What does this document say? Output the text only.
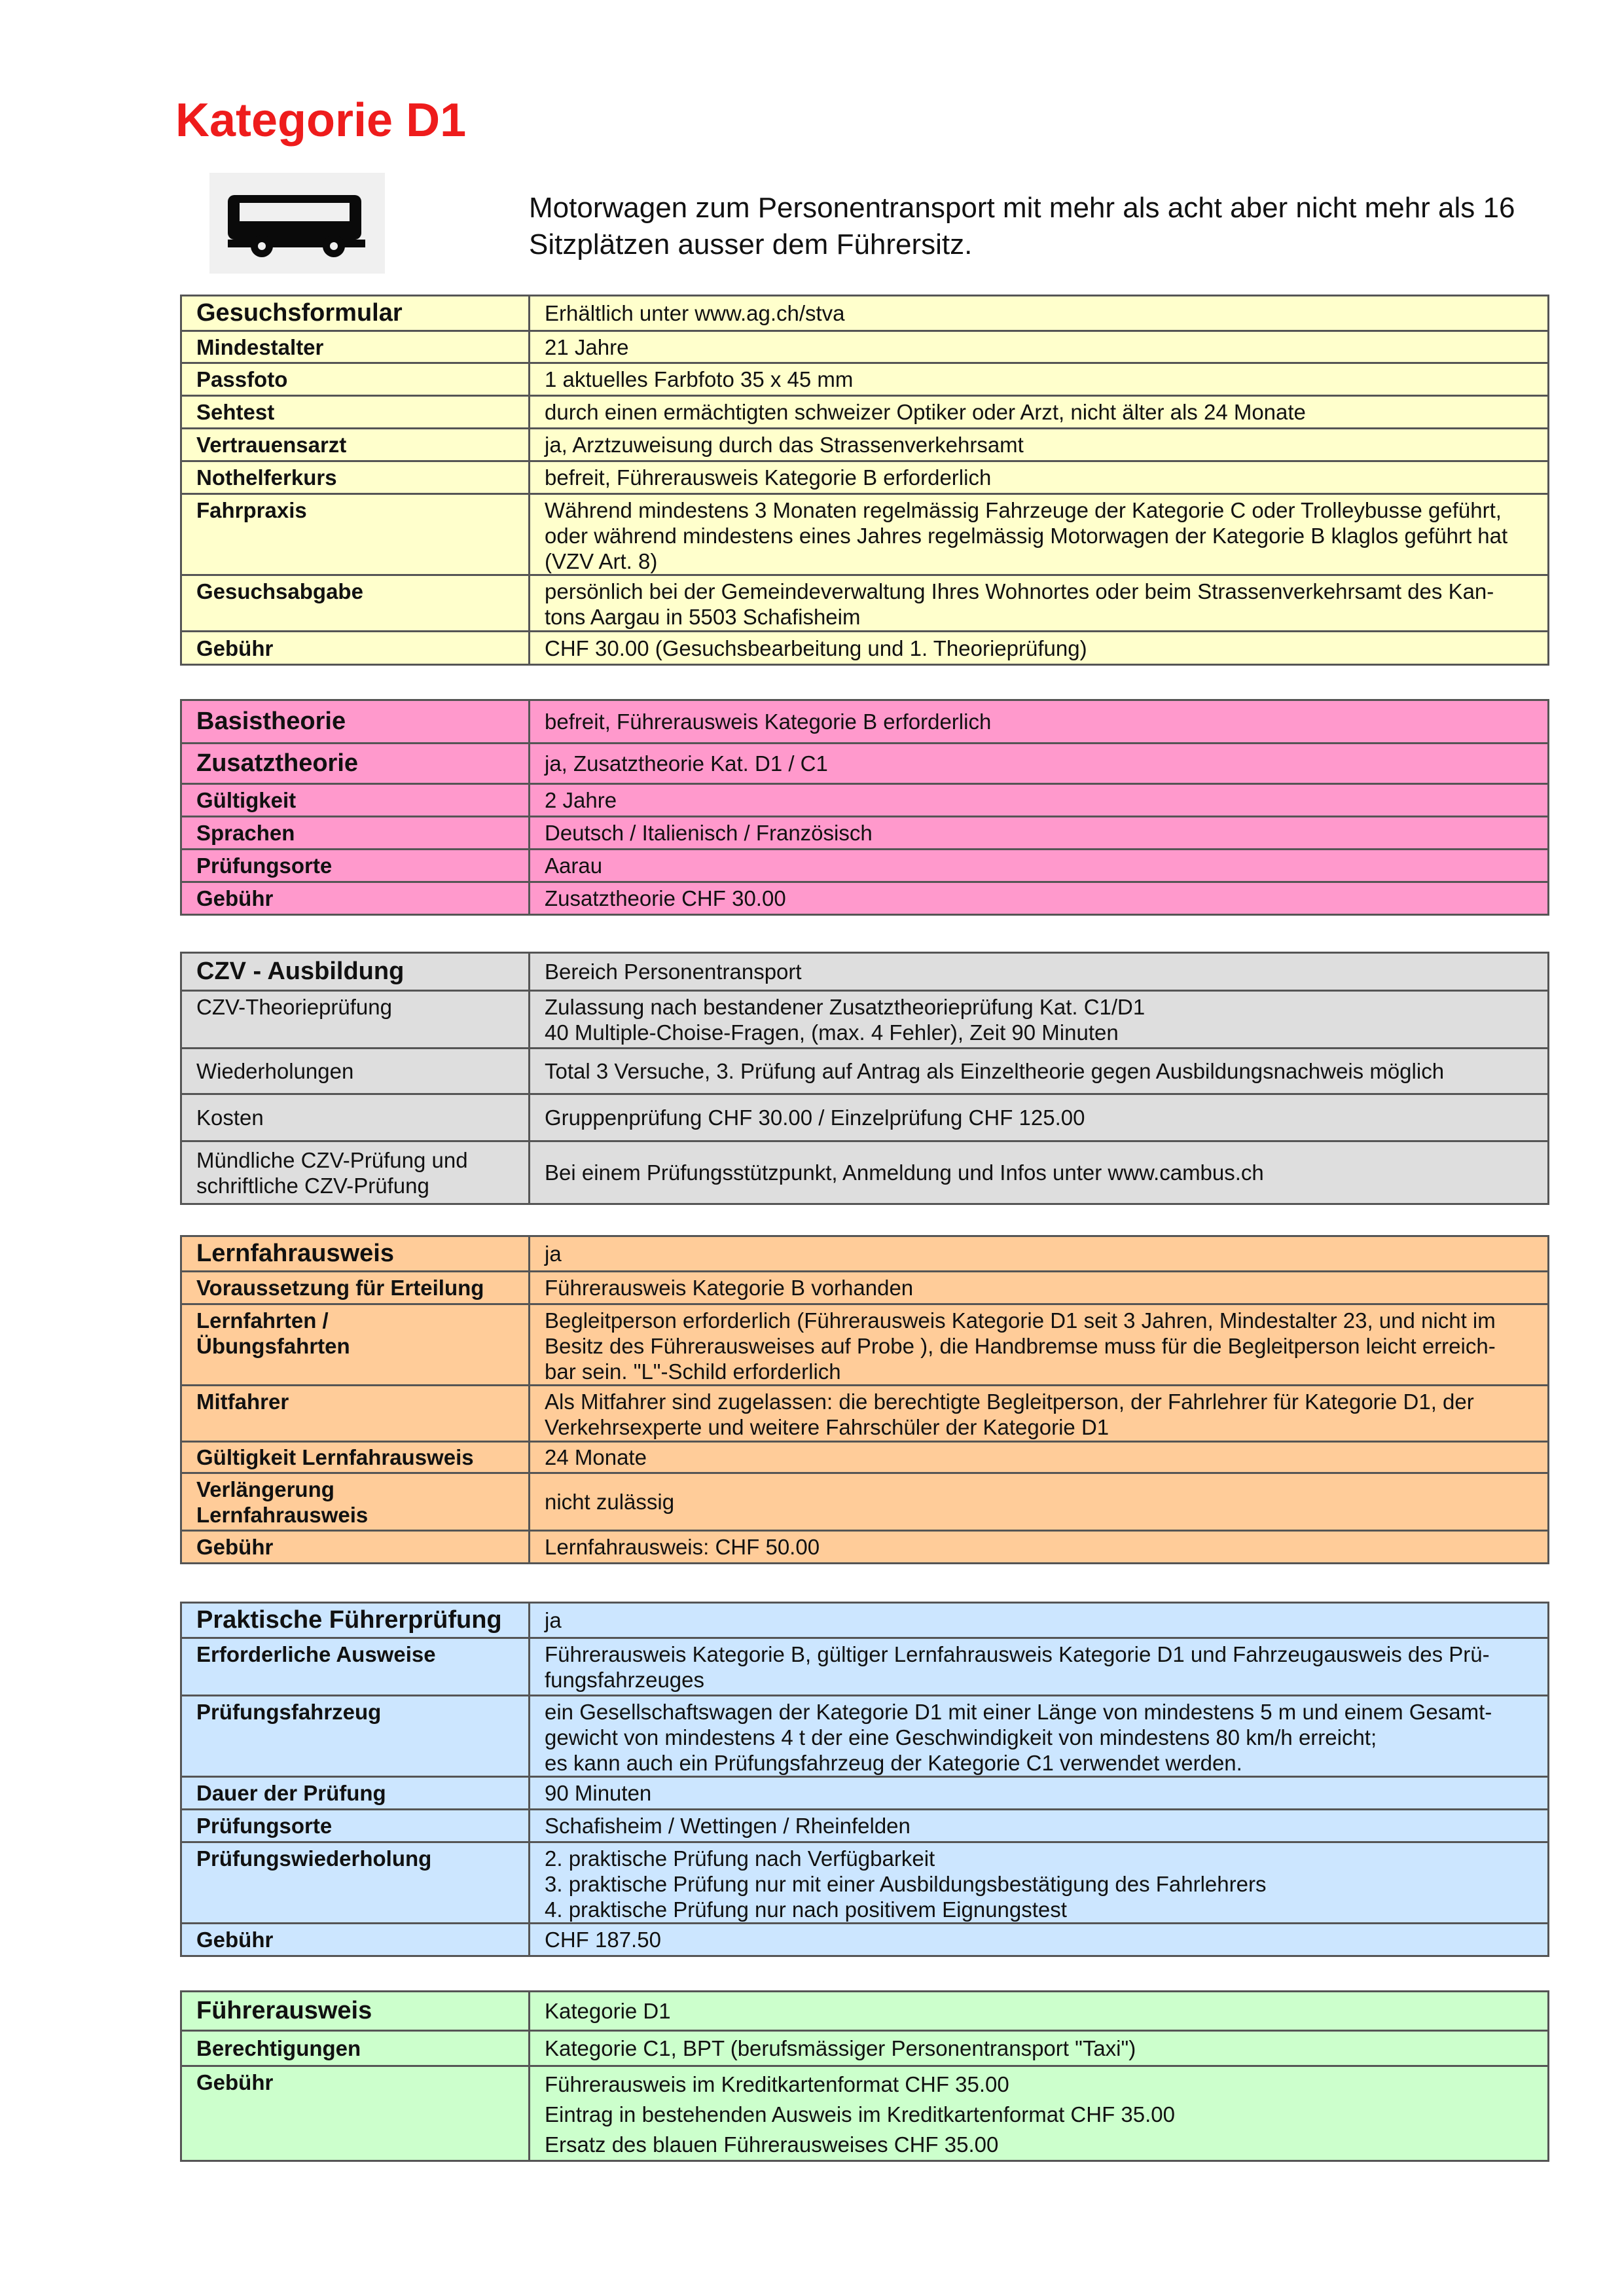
Kategorie D1
Motorwagen zum Personentransport mit mehr als acht aber nicht mehr als 16 Sitzplätzen ausser dem Führersitz.
Gesuchsformular	Erhältlich unter www.ag.ch/stva
Mindestalter	21 Jahre
Passfoto	1 aktuelles Farbfoto 35 x 45 mm
Sehtest	durch einen ermächtigten schweizer Optiker oder Arzt, nicht älter als 24 Monate
Vertrauensarzt	ja, Arztzuweisung durch das Strassenverkehrsamt
Nothelferkurs	befreit, Führerausweis Kategorie B erforderlich
Fahrpraxis	Während mindestens 3 Monaten regelmässig Fahrzeuge der Kategorie C oder Trolleybusse geführt,
oder während mindestens eines Jahres regelmässig Motorwagen der Kategorie B klaglos geführt hat
(VZV Art. 8)

Gesuchsabgabe	persönlich bei der Gemeindeverwaltung Ihres Wohnortes oder beim Strassenverkehrsamt des Kan-
tons Aargau in 5503 Schafisheim

Gebühr	CHF 30.00 (Gesuchsbearbeitung und 1. Theorieprüfung)
Basistheorie	befreit, Führerausweis Kategorie B erforderlich
Zusatztheorie	ja, Zusatztheorie Kat. D1 / C1
Gültigkeit	2 Jahre
Sprachen	Deutsch / Italienisch / Französisch
Prüfungsorte	Aarau
Gebühr	Zusatztheorie CHF 30.00
CZV - Ausbildung	Bereich Personentransport
CZV-Theorieprüfung	Zulassung nach bestandener Zusatztheorieprüfung Kat. C1/D1
40 Multiple-Choise-Fragen, (max. 4 Fehler), Zeit 90 Minuten

Wiederholungen	Total 3 Versuche, 3. Prüfung auf Antrag als Einzeltheorie gegen Ausbildungsnachweis möglich
Kosten	Gruppenprüfung CHF 30.00 / Einzelprüfung CHF 125.00

Mündliche CZV-Prüfung und
schriftliche CZV-Prüfung	Bei einem Prüfungsstützpunkt, Anmeldung und Infos unter www.cambus.ch
Lernfahrausweis	ja
Voraussetzung für Erteilung	Führerausweis Kategorie B vorhanden

Lernfahrten /
Übungsfahrten	Begleitperson erforderlich (Führerausweis Kategorie D1 seit 3 Jahren, Mindestalter 23, und nicht im
Besitz des Führerausweises auf Probe ), die Handbremse muss für die Begleitperson leicht erreich-
bar sein. "L"-Schild erforderlich

Mitfahrer	Als Mitfahrer sind zugelassen: die berechtigte Begleitperson, der Fahrlehrer für Kategorie D1, der
Verkehrsexperte und weitere Fahrschüler der Kategorie D1

Gültigkeit Lernfahrausweis	24 Monate

Verlängerung
Lernfahrausweis	nicht zulässig
Gebühr	Lernfahrausweis: CHF 50.00
Praktische Führerprüfung	ja
Erforderliche Ausweise	Führerausweis Kategorie B, gültiger Lernfahrausweis Kategorie D1 und Fahrzeugausweis des Prü-
fungsfahrzeuges

Prüfungsfahrzeug	ein Gesellschaftswagen der Kategorie D1 mit einer Länge von mindestens 5 m und einem Gesamt-
gewicht von mindestens 4 t der eine Geschwindigkeit von mindestens 80 km/h erreicht;
es kann auch ein Prüfungsfahrzeug der Kategorie C1 verwendet werden.

Dauer der Prüfung	90 Minuten
Prüfungsorte	Schafisheim / Wettingen / Rheinfelden
Prüfungswiederholung	2. praktische Prüfung nach Verfügbarkeit
3. praktische Prüfung nur mit einer Ausbildungsbestätigung des Fahrlehrers
4. praktische Prüfung nur nach positivem Eignungstest

Gebühr	CHF 187.50
Führerausweis	Kategorie D1
Berechtigungen	Kategorie C1, BPT (berufsmässiger Personentransport "Taxi")
Gebühr	Führerausweis im Kreditkartenformat CHF 35.00
Eintrag in bestehenden Ausweis im Kreditkartenformat CHF 35.00
Ersatz des blauen Führerausweises CHF 35.00
